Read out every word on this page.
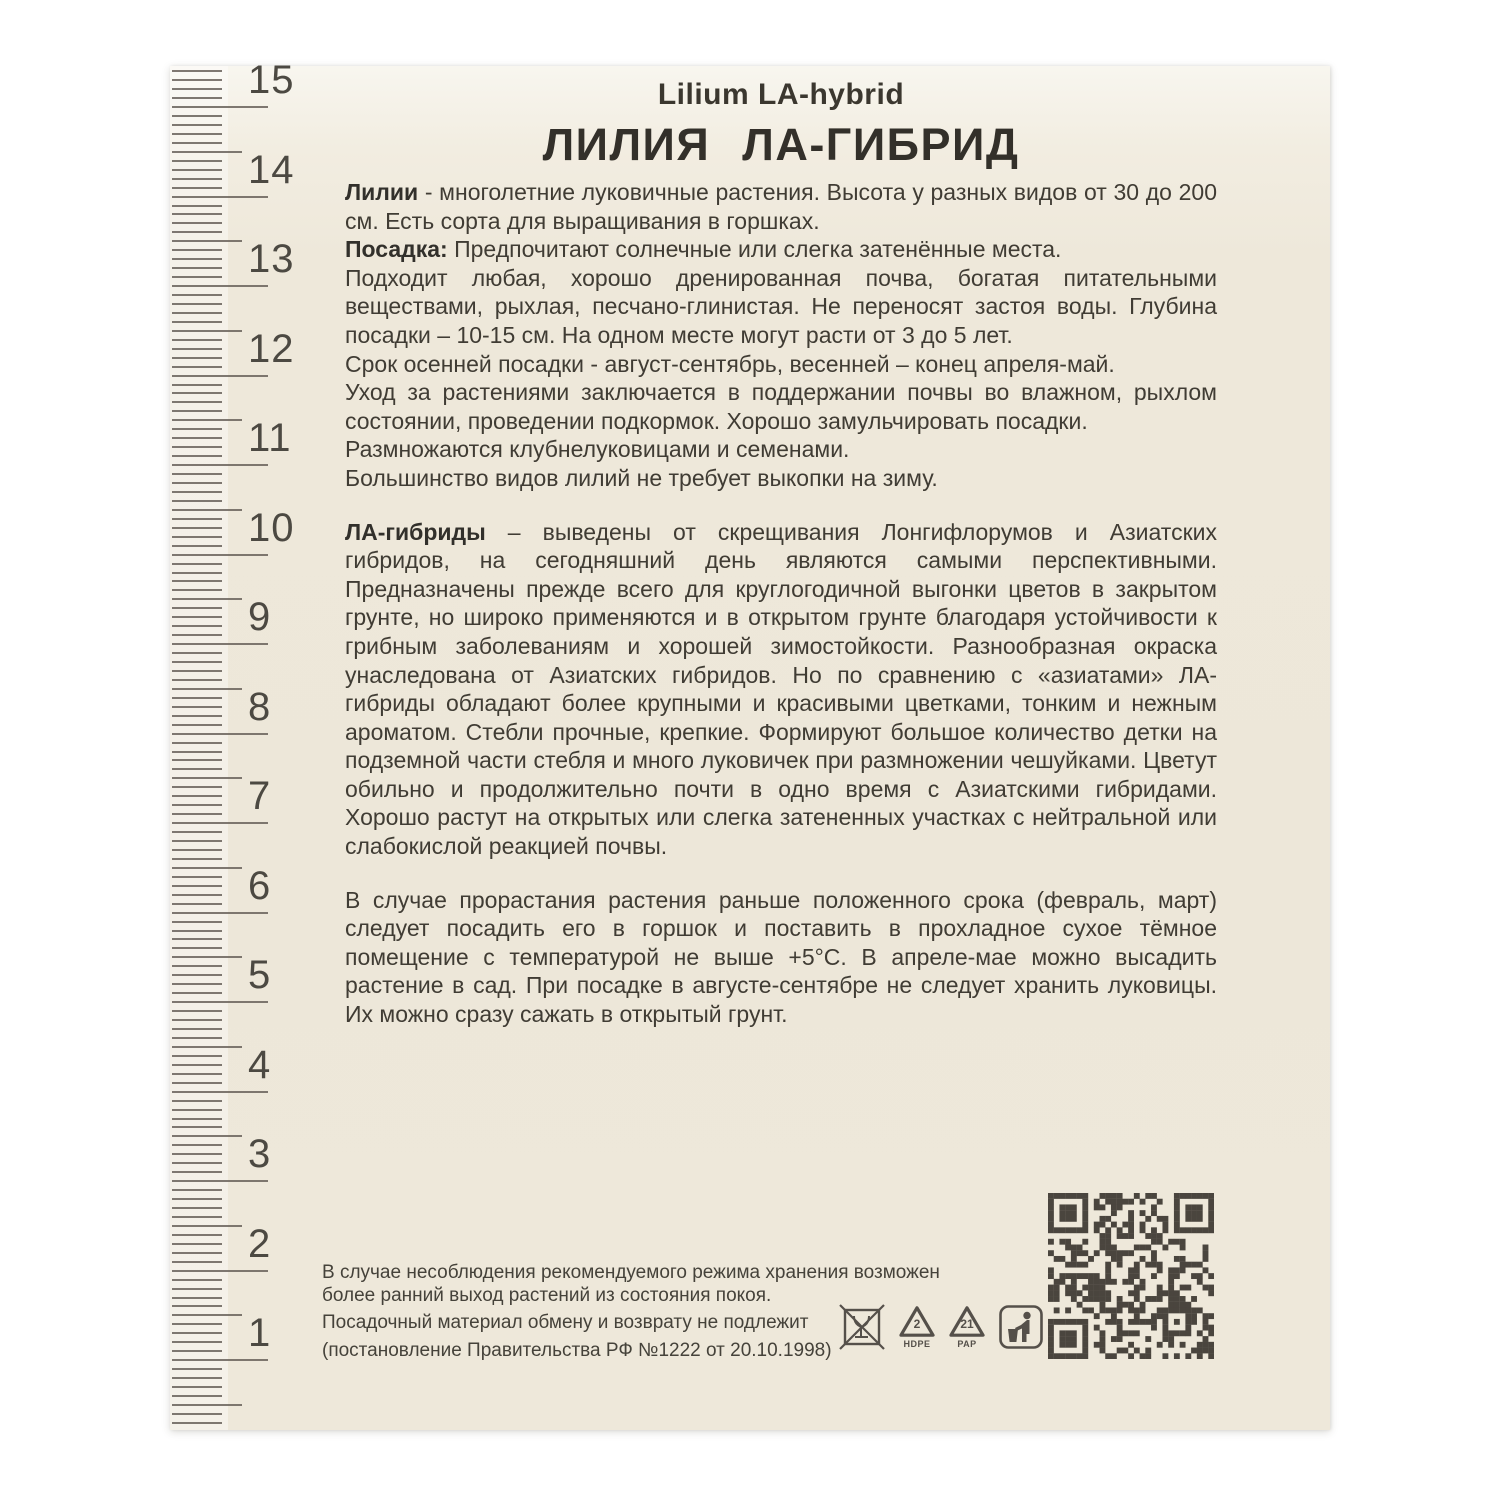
15
14
13
12
11
10
9
8
7
6
5
4
3
2
1
Lilium LA-hybrid
ЛИЛИЯ ЛА-ГИБРИД

Лилии - многолетние луковичные растения. Высота у разных видов от 30 до 200 см. Есть сорта для выращивания в горшках.

Посадка: Предпочитают солнечные или слегка затенённые места.

Подходит любая, хорошо дренированная почва, богатая питательными веществами, рыхлая, песчано-глинистая. Не переносят застоя воды. Глубина посадки – 10-15 см. На одном месте могут расти от 3 до 5 лет.

Срок осенней посадки - август-сентябрь, весенней – конец апреля-май.

Уход за растениями заключается в поддержании почвы во влажном, рыхлом состоянии, проведении подкормок. Хорошо замульчировать посадки.

Размножаются клубнелуковицами и семенами.

Большинство видов лилий не требует выкопки на зиму.

ЛА-гибриды – выведены от скрещивания Лонгифлорумов и Азиатских гибридов, на сегодняшний день являются самыми перспективными. Предназначены прежде всего для круглогодичной выгонки цветов в закрытом грунте, но широко применяются и в открытом грунте благодаря устойчивости к грибным заболеваниям и хорошей зимостойкости. Разнообразная окраска унаследована от Азиатских гибридов. Но по сравнению с «азиатами» ЛА-гибриды обладают более крупными и красивыми цветками, тонким и нежным ароматом. Стебли прочные, крепкие. Формируют большое количество детки на подземной части стебля и много луковичек при размножении чешуйками. Цветут обильно и продолжительно почти в одно время с Азиатскими гибридами. Хорошо растут на открытых или слегка затененных участках с нейтральной или слабокислой реакцией почвы.

В случае прорастания растения раньше положенного срока (февраль, март) следует посадить его в горшок и поставить в прохладное сухое тёмное помещение с температурой не выше +5°С. В апреле-мае можно высадить растение в сад. При посадке в августе-сентябре не следует хранить луковицы. Их можно сразу сажать в открытый грунт.

В случае несоблюдения рекомендуемого режима хранения возможен более ранний выход растений из состояния покоя.

Посадочный материал обмену и возврату не подлежит

(постановление Правительства РФ №1222 от 20.10.1998)

2
HDPE
21
PAP
